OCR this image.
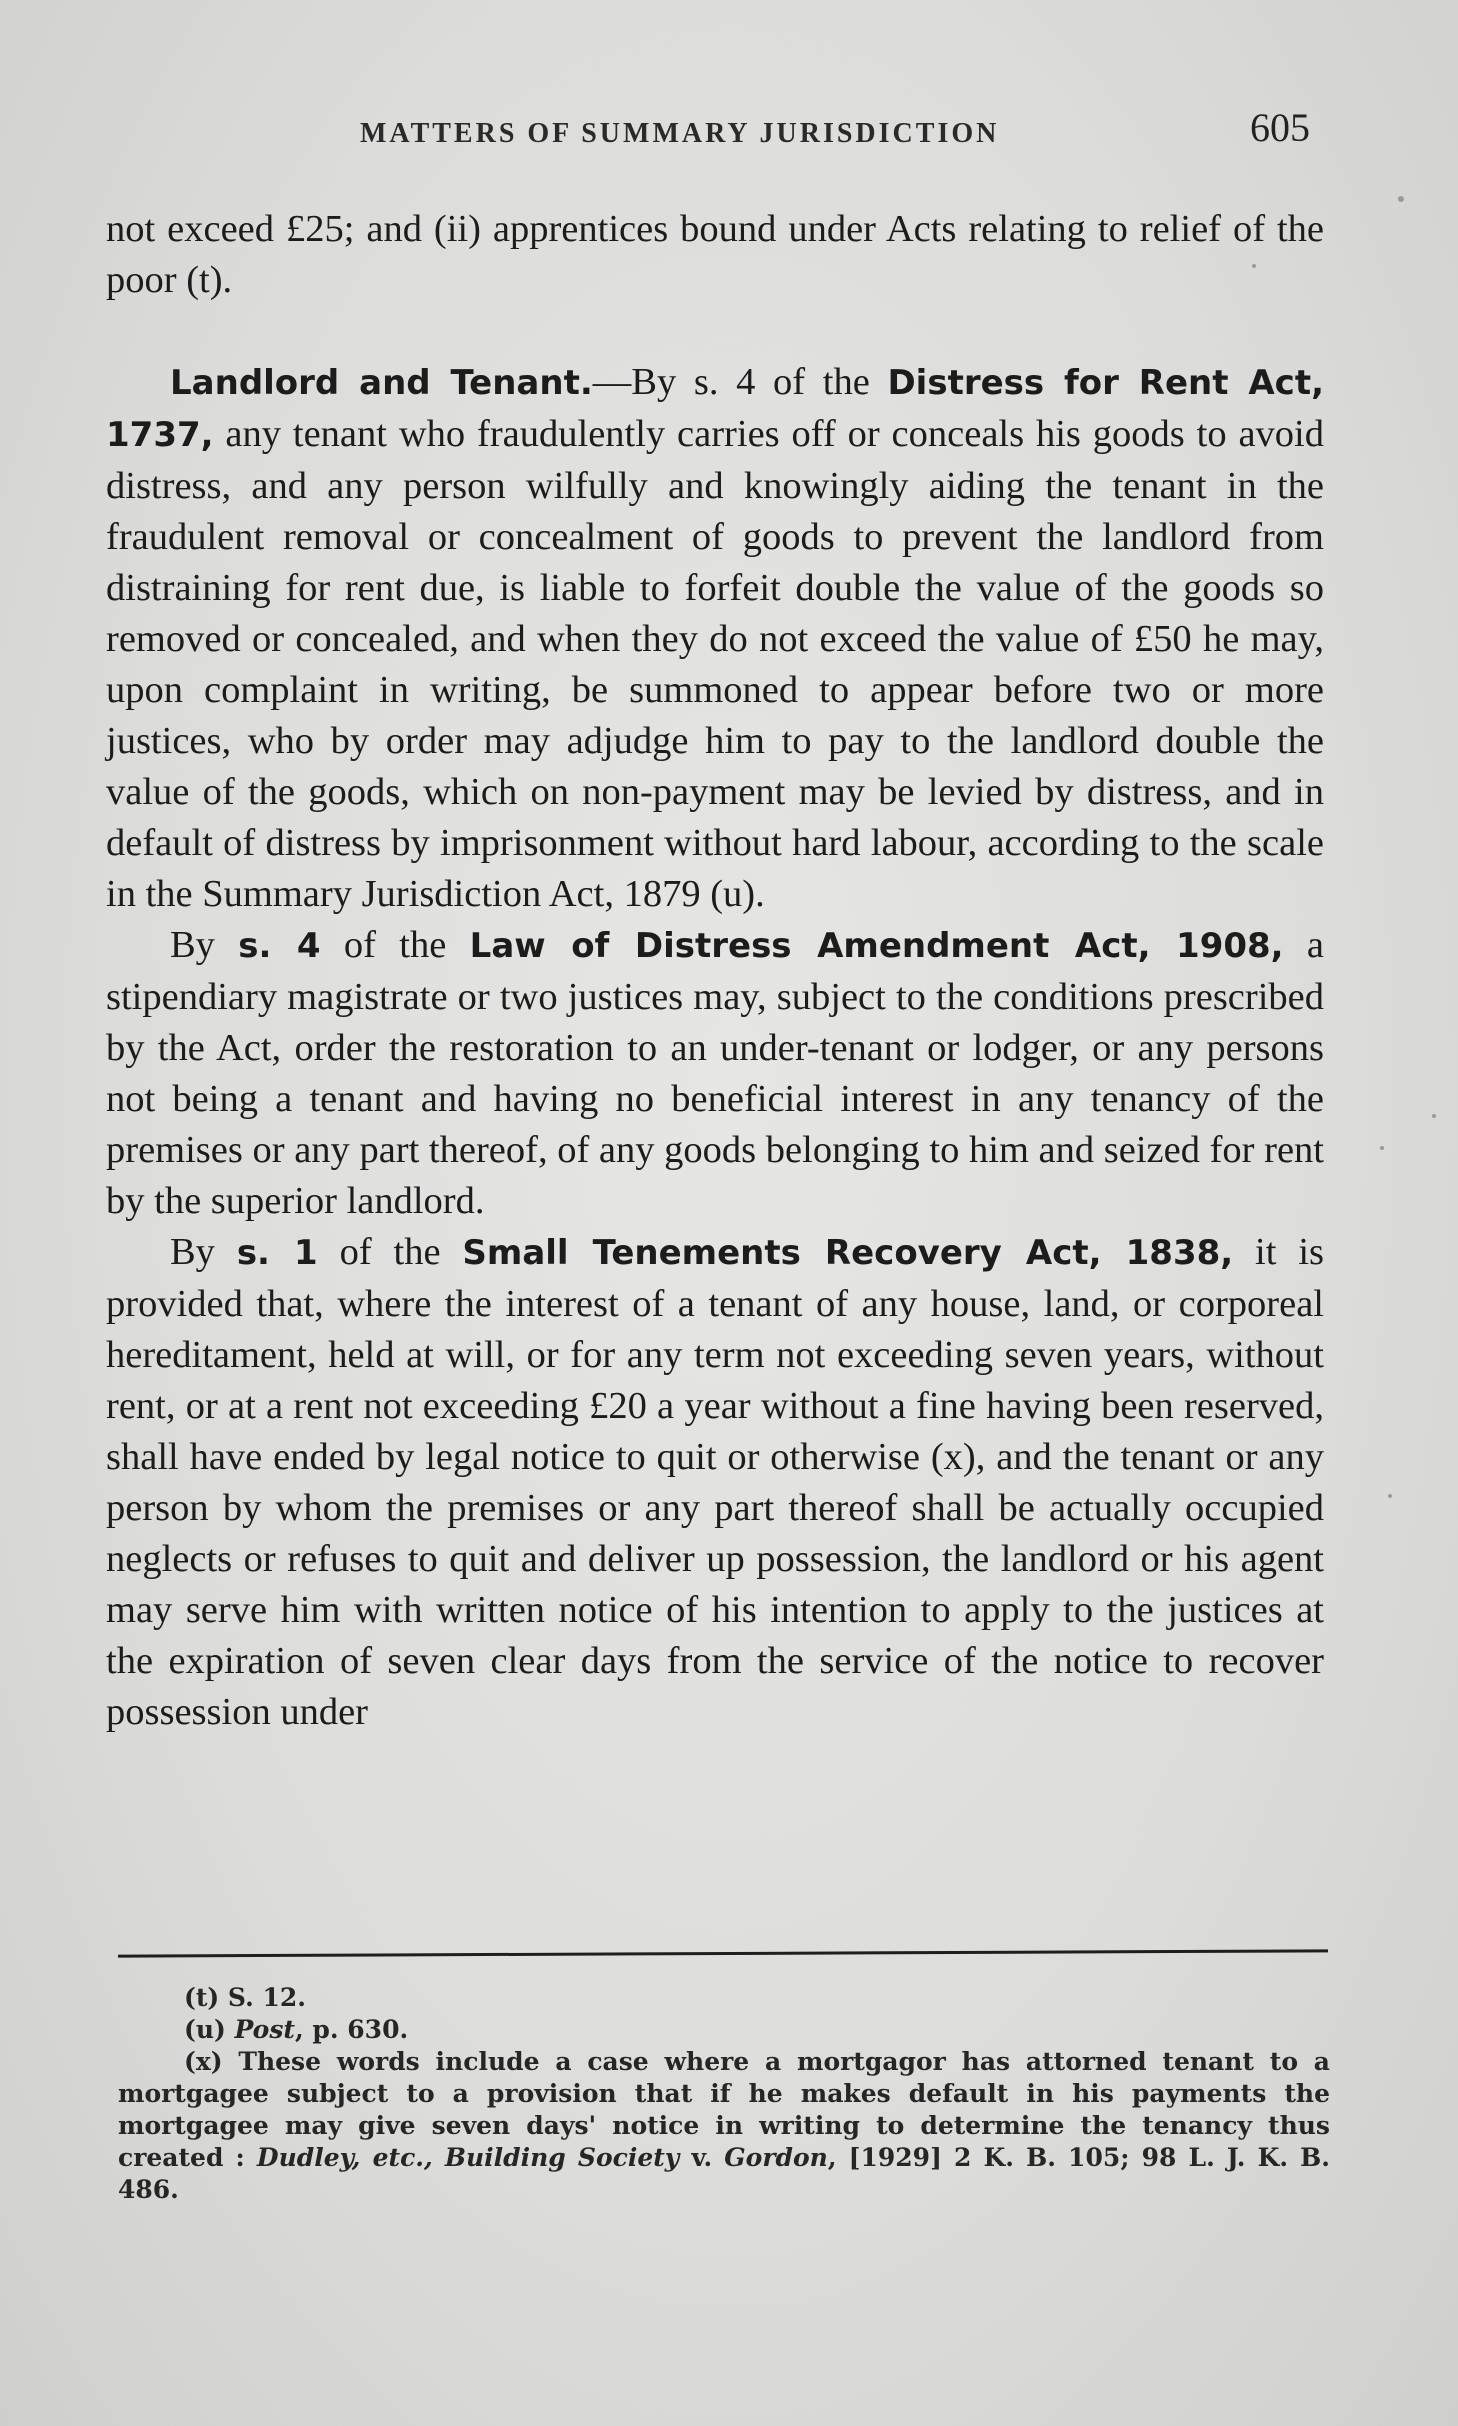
MATTERS OF SUMMARY JURISDICTION	605

not exceed £25; and (ii) apprentices bound under Acts relating to relief of the poor (t).

Landlord and Tenant.—By s. 4 of the Distress for Rent Act, 1737, any tenant who fraudulently carries off or conceals his goods to avoid distress, and any person wilfully and knowingly aiding the tenant in the fraudulent removal or concealment of goods to prevent the landlord from distraining for rent due, is liable to forfeit double the value of the goods so removed or concealed, and when they do not exceed the value of £50 he may, upon complaint in writing, be summoned to appear before two or more justices, who by order may adjudge him to pay to the landlord double the value of the goods, which on non-payment may be levied by distress, and in default of distress by imprisonment without hard labour, according to the scale in the Summary Jurisdiction Act, 1879 (u).

By s. 4 of the Law of Distress Amendment Act, 1908, a stipendiary magistrate or two justices may, subject to the conditions prescribed by the Act, order the restoration to an under-tenant or lodger, or any persons not being a tenant and having no beneficial interest in any tenancy of the premises or any part thereof, of any goods belonging to him and seized for rent by the superior landlord.

By s. 1 of the Small Tenements Recovery Act, 1838, it is provided that, where the interest of a tenant of any house, land, or corporeal hereditament, held at will, or for any term not exceeding seven years, without rent, or at a rent not exceeding £20 a year without a fine having been reserved, shall have ended by legal notice to quit or otherwise (x), and the tenant or any person by whom the premises or any part thereof shall be actually occupied neglects or refuses to quit and deliver up possession, the landlord or his agent may serve him with written notice of his intention to apply to the justices at the expiration of seven clear days from the service of the notice to recover possession under

(t) S. 12.

(u) Post, p. 630.

(x) These words include a case where a mortgagor has attorned tenant to a mortgagee subject to a provision that if he makes default in his payments the mortgagee may give seven days' notice in writing to determine the tenancy thus created : Dudley, etc., Building Society v. Gordon, [1929] 2 K. B. 105; 98 L. J. K. B. 486.
